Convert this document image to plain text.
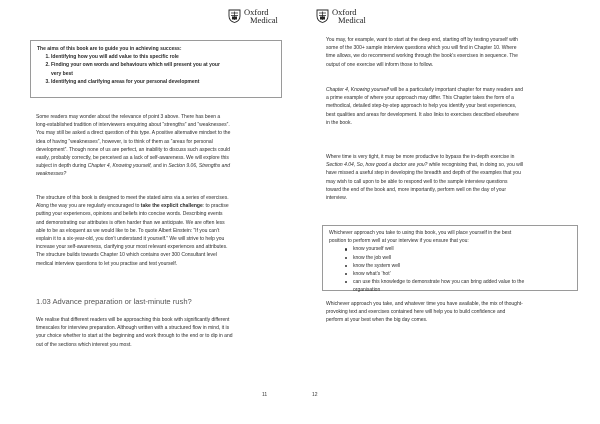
Oxford
Medical
The aims of this book are to guide you in achieving success:
1. Identifying how you will add value to this specific role
2. Finding your own words and behaviours which will present you at your
very best
3. Identifying and clarifying areas for your personal development
Some readers may wonder about the relevance of point 3 above. There has been a
long-established tradition of interviewers enquiring about “strengths” and “weaknesses”.
You may still be asked a direct question of this type. A positive alternative mindset to the
idea of having “weaknesses”, however, is to think of them as “areas for personal
development”. Though none of us are perfect, an inability to discuss such aspects could
easily, probably correctly, be perceived as a lack of self-awareness. We will explore this
subject in depth during Chapter 4, Knowing yourself, and in Section 9.06, Strengths and
weaknesses?
The structure of this book is designed to meet the stated aims via a series of exercises.
Along the way you are regularly encouraged to take the explicit challenge: to practise
putting your experiences, opinions and beliefs into concise words. Describing events
and demonstrating our attributes is often harder than we anticipate. We are often less
able to be as eloquent as we would like to be. To quote Albert Einstein: “If you can’t
explain it to a six-year-old, you don’t understand it yourself.” We will strive to help you
increase your self-awareness, clarifying your most relevant experiences and attributes.
The structure builds towards Chapter 10 which contains over 300 Consultant level
medical interview questions to let you practise and test yourself.
1.03 Advance preparation or last-minute rush?
We realise that different readers will be approaching this book with significantly different
timescales for interview preparation. Although written with a structured flow in mind, it is
your choice whether to start at the beginning and work through to the end or to dip in and
out of the sections which interest you most.
11
Oxford
Medical
You may, for example, want to start at the deep end, starting off by testing yourself with
some of the 300+ sample interview questions which you will find in Chapter 10. Where
time allows, we do recommend working through the book’s exercises in sequence. The
output of one exercise will inform those to follow.
Chapter 4, Knowing yourself will be a particularly important chapter for many readers and
a prime example of where your approach may differ. This Chapter takes the form of a
methodical, detailed step-by-step approach to help you identify your best experiences,
best qualities and areas for development. It also links to exercises described elsewhere
in the book.
Where time is very tight, it may be more productive to bypass the in-depth exercise in
Section 4.04, So, how good a doctor are you? while recognising that, in doing so, you will
have missed a useful step in developing the breadth and depth of the examples that you
may wish to call upon to be able to respond well to the sample interview questions
toward the end of the book and, more importantly, perform well on the day of your
interview.
Whichever approach you take to using this book, you will place yourself in the best
position to perform well at your interview if you ensure that you:
know yourself well
know the job well
know the system well
know what’s ‘hot’
can use this knowledge to demonstrate how you can bring added value to the
organisation
Whichever approach you take, and whatever time you have available, the mix of thought-
provoking text and exercises contained here will help you to build confidence and
perform at your best when the big day comes.
12
